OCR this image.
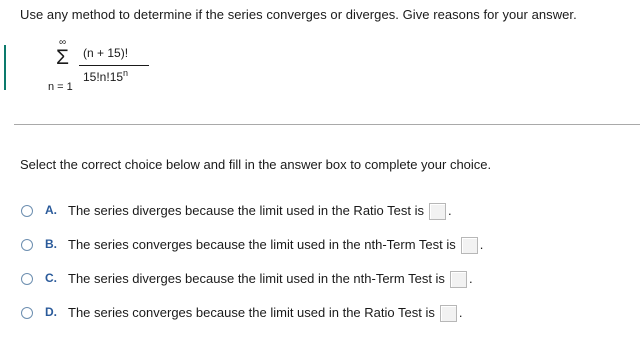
Use any method to determine if the series converges or diverges. Give reasons for your answer.
∞
Σ
n = 1
(n + 15)!
15!n!15$^n$
Select the correct choice below and fill in the answer box to complete your choice.
A. The series diverges because the limit used in the Ratio Test is .
B. The series converges because the limit used in the nth-Term Test is .
C. The series diverges because the limit used in the nth-Term Test is .
D. The series converges because the limit used in the Ratio Test is .
